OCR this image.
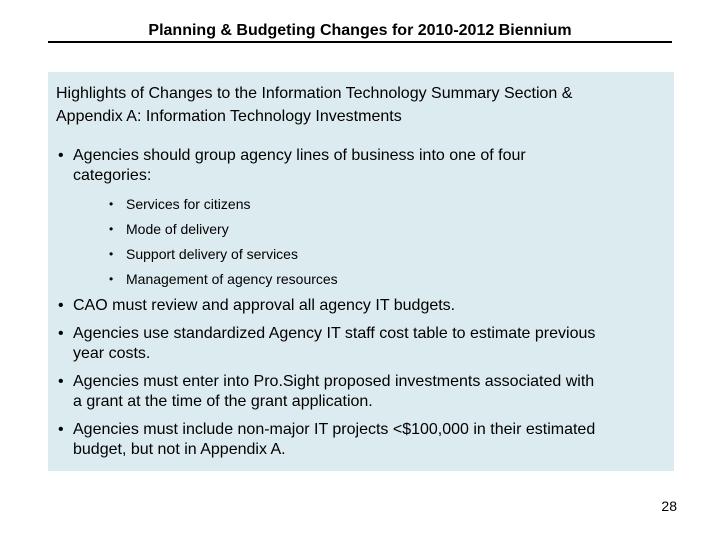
Planning & Budgeting Changes for 2010-2012 Biennium
Highlights of Changes to the Information Technology Summary Section &
Appendix A: Information Technology Investments
• Agencies should group agency lines of business into one of four
categories:
• Services for citizens
• Mode of delivery
• Support delivery of services
• Management of agency resources
• CAO must review and approval all agency IT budgets.
• Agencies use standardized Agency IT staff cost table to estimate previous
year costs.
• Agencies must enter into Pro.Sight proposed investments associated with
a grant at the time of the grant application.
• Agencies must include non-major IT projects <$100,000 in their estimated
budget, but not in Appendix A.
28
